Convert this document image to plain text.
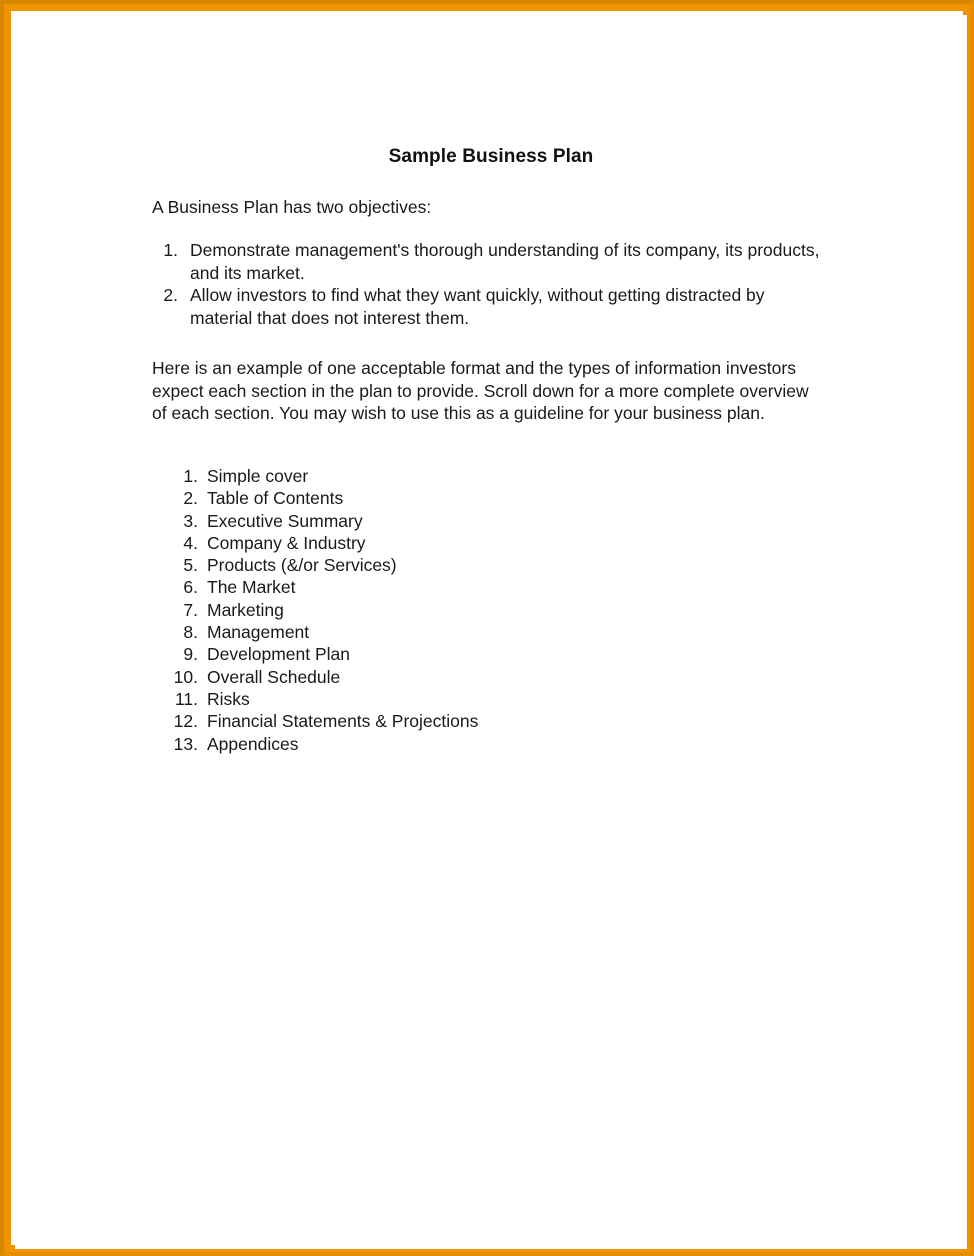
Sample Business Plan
A Business Plan has two objectives:
1. Demonstrate management's thorough understanding of its company, its products, and its market.
2. Allow investors to find what they want quickly, without getting distracted by material that does not interest them.
Here is an example of one acceptable format and the types of information investors expect each section in the plan to provide. Scroll down for a more complete overview of each section. You may wish to use this as a guideline for your business plan.
1. Simple cover
2. Table of Contents
3. Executive Summary
4. Company & Industry
5. Products (&/or Services)
6. The Market
7. Marketing
8. Management
9. Development Plan
10. Overall Schedule
11. Risks
12. Financial Statements & Projections
13. Appendices
